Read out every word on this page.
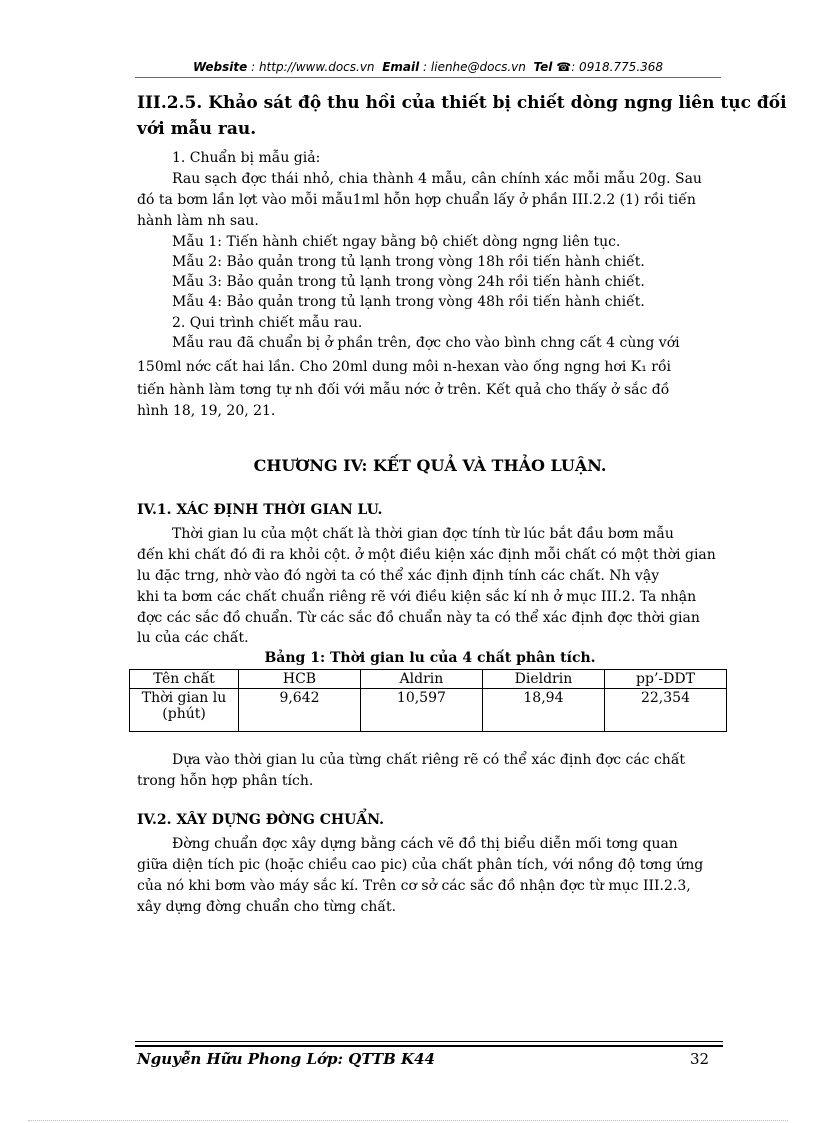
Website : http://www.docs.vn Email : lienhe@docs.vn Tel ☎: 0918.775.368
III.2.5. Khảo sát độ thu hồi của thiết bị chiết dòng ngng liên tục đối
với mẫu rau.
1. Chuẩn bị mẫu giả:
Rau sạch đợc thái nhỏ, chia thành 4 mẫu, cân chính xác mỗi mẫu 20g. Sau
đó ta bơm lần lợt vào mỗi mẫu1ml hỗn hợp chuẩn lấy ở phần III.2.2 (1) rồi tiến
hành làm nh sau.
Mẫu 1: Tiến hành chiết ngay bằng bộ chiết dòng ngng liên tục.
Mẫu 2: Bảo quản trong tủ lạnh trong vòng 18h rồi tiến hành chiết.
Mẫu 3: Bảo quản trong tủ lạnh trong vòng 24h rồi tiến hành chiết.
Mẫu 4: Bảo quản trong tủ lạnh trong vòng 48h rồi tiến hành chiết.
2. Qui trình chiết mẫu rau.
Mẫu rau đã chuẩn bị ở phần trên, đợc cho vào bình chng cất 4 cùng với
150ml nớc cất hai lần. Cho 20ml dung môi n-hexan vào ống ngng hơi K₁ rồi
tiến hành làm tơng tự nh đối với mẫu nớc ở trên. Kết quả cho thấy ở sắc đồ
hình 18, 19, 20, 21.
CHƯƠNG IV: KẾT QUẢ VÀ THẢO LUẬN.
IV.1. XÁC ĐỊNH THỜI GIAN LU.
Thời gian lu của một chất là thời gian đợc tính từ lúc bắt đầu bơm mẫu
đến khi chất đó đi ra khỏi cột. ở một điều kiện xác định mỗi chất có một thời gian
lu đặc trng, nhờ vào đó ngời ta có thể xác định định tính các chất. Nh vậy
khi ta bơm các chất chuẩn riêng rẽ với điều kiện sắc kí nh ở mục III.2. Ta nhận
đợc các sắc đồ chuẩn. Từ các sắc đồ chuẩn này ta có thể xác định đợc thời gian
lu của các chất.
Bảng 1: Thời gian lu của 4 chất phân tích.
Tên chất	HCB	Aldrin	Dieldrin	pp’-DDT
Thời gian lu
(phút)	9,642	10,597	18,94	22,354
Dựa vào thời gian lu của từng chất riêng rẽ có thể xác định đợc các chất
trong hỗn hợp phân tích.
IV.2. XÂY DỰNG ĐỜNG CHUẨN.
Đờng chuẩn đợc xây dựng bằng cách vẽ đồ thị biểu diễn mối tơng quan
giữa diện tích pic (hoặc chiều cao pic) của chất phân tích, với nồng độ tơng ứng
của nó khi bơm vào máy sắc kí. Trên cơ sở các sắc đồ nhận đợc từ mục III.2.3,
xây dựng đờng chuẩn cho từng chất.
Nguyễn Hữu Phong Lớp: QTTB K44	32
